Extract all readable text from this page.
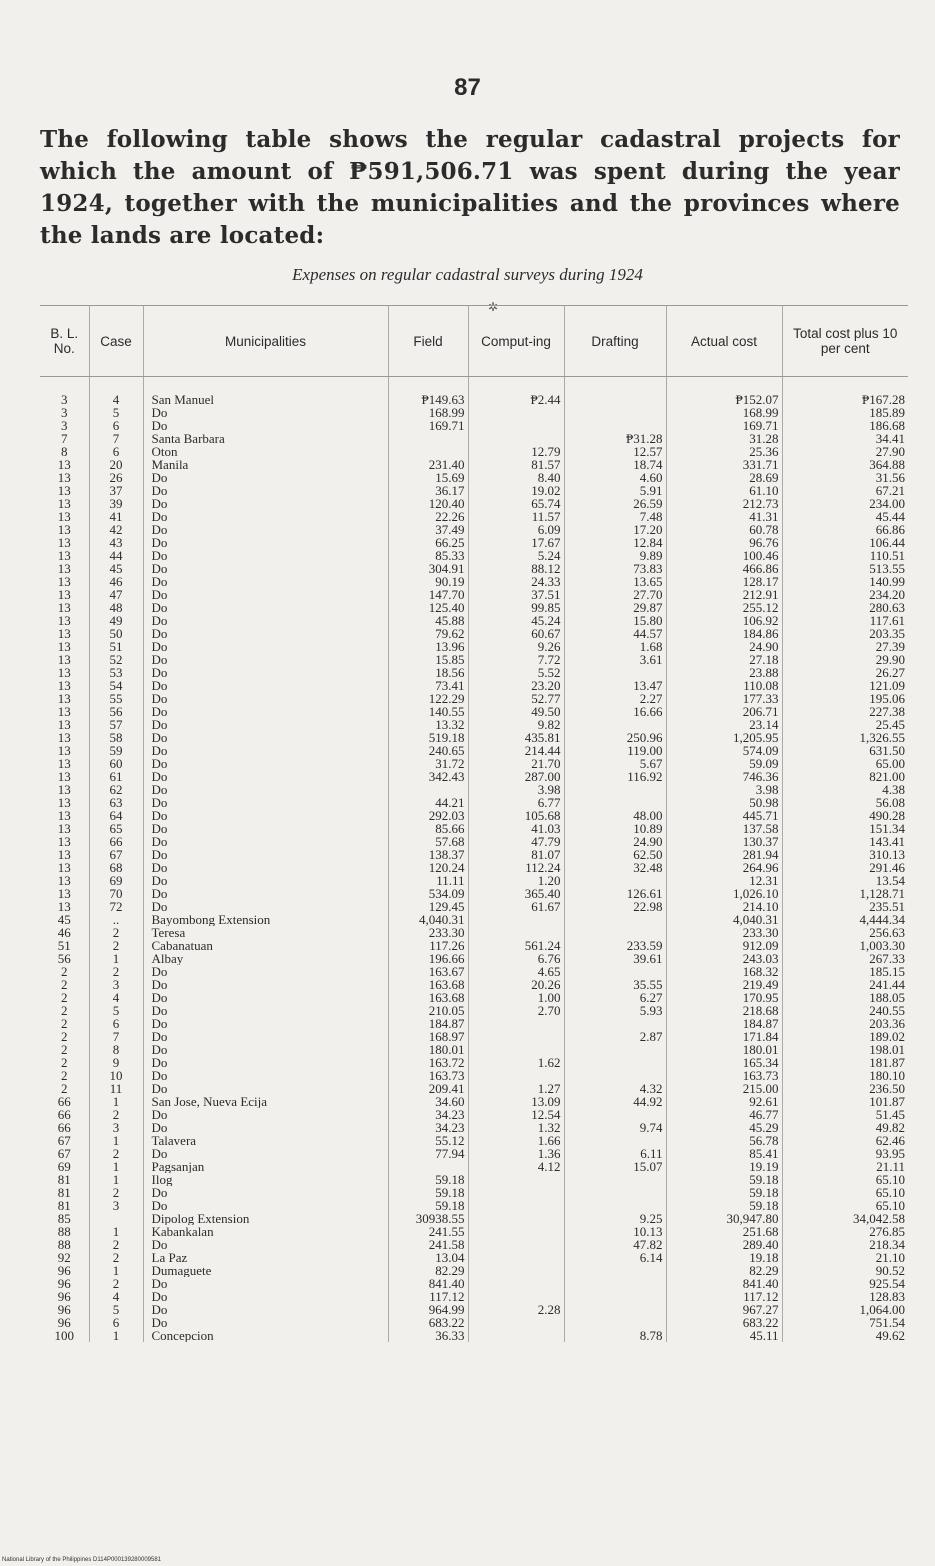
87
The following table shows the regular cadastral projects for which the amount of ₱591,506.71 was spent during the year 1924, together with the municipalities and the provinces where the lands are located:
Expenses on regular cadastral surveys during 1924
✲
B. L. No.	Case	Municipalities	Field	Comput-ing	Drafting	Actual cost	Total cost plus 10 per cent
3	4	San Manuel	₱149.63	₱2.44		₱152.07	₱167.28
3	5	Do	168.99			168.99	185.89
3	6	Do	169.71			169.71	186.68
7	7	Santa Barbara			₱31.28	31.28	34.41
8	6	Oton		12.79	12.57	25.36	27.90
13	20	Manila	231.40	81.57	18.74	331.71	364.88
13	26	Do	15.69	8.40	4.60	28.69	31.56
13	37	Do	36.17	19.02	5.91	61.10	67.21
13	39	Do	120.40	65.74	26.59	212.73	234.00
13	41	Do	22.26	11.57	7.48	41.31	45.44
13	42	Do	37.49	6.09	17.20	60.78	66.86
13	43	Do	66.25	17.67	12.84	96.76	106.44
13	44	Do	85.33	5.24	9.89	100.46	110.51
13	45	Do	304.91	88.12	73.83	466.86	513.55
13	46	Do	90.19	24.33	13.65	128.17	140.99
13	47	Do	147.70	37.51	27.70	212.91	234.20
13	48	Do	125.40	99.85	29.87	255.12	280.63
13	49	Do	45.88	45.24	15.80	106.92	117.61
13	50	Do	79.62	60.67	44.57	184.86	203.35
13	51	Do	13.96	9.26	1.68	24.90	27.39
13	52	Do	15.85	7.72	3.61	27.18	29.90
13	53	Do	18.56	5.52		23.88	26.27
13	54	Do	73.41	23.20	13.47	110.08	121.09
13	55	Do	122.29	52.77	2.27	177.33	195.06
13	56	Do	140.55	49.50	16.66	206.71	227.38
13	57	Do	13.32	9.82		23.14	25.45
13	58	Do	519.18	435.81	250.96	1,205.95	1,326.55
13	59	Do	240.65	214.44	119.00	574.09	631.50
13	60	Do	31.72	21.70	5.67	59.09	65.00
13	61	Do	342.43	287.00	116.92	746.36	821.00
13	62	Do		3.98		3.98	4.38
13	63	Do	44.21	6.77		50.98	56.08
13	64	Do	292.03	105.68	48.00	445.71	490.28
13	65	Do	85.66	41.03	10.89	137.58	151.34
13	66	Do	57.68	47.79	24.90	130.37	143.41
13	67	Do	138.37	81.07	62.50	281.94	310.13
13	68	Do	120.24	112.24	32.48	264.96	291.46
13	69	Do	11.11	1.20		12.31	13.54
13	70	Do	534.09	365.40	126.61	1,026.10	1,128.71
13	72	Do	129.45	61.67	22.98	214.10	235.51
45	..	Bayombong Extension	4,040.31			4,040.31	4,444.34
46	2	Teresa	233.30			233.30	256.63
51	2	Cabanatuan	117.26	561.24	233.59	912.09	1,003.30
56	1	Albay	196.66	6.76	39.61	243.03	267.33
2	2	Do	163.67	4.65		168.32	185.15
2	3	Do	163.68	20.26	35.55	219.49	241.44
2	4	Do	163.68	1.00	6.27	170.95	188.05
2	5	Do	210.05	2.70	5.93	218.68	240.55
2	6	Do	184.87			184.87	203.36
2	7	Do	168.97		2.87	171.84	189.02
2	8	Do	180.01			180.01	198.01
2	9	Do	163.72	1.62		165.34	181.87
2	10	Do	163.73			163.73	180.10
2	11	Do	209.41	1.27	4.32	215.00	236.50
66	1	San Jose, Nueva Ecija	34.60	13.09	44.92	92.61	101.87
66	2	Do	34.23	12.54		46.77	51.45
66	3	Do	34.23	1.32	9.74	45.29	49.82
67	1	Talavera	55.12	1.66		56.78	62.46
67	2	Do	77.94	1.36	6.11	85.41	93.95
69	1	Pagsanjan		4.12	15.07	19.19	21.11
81	1	Ilog	59.18			59.18	65.10
81	2	Do	59.18			59.18	65.10
81	3	Do	59.18			59.18	65.10
85		Dipolog Extension	30938.55		9.25	30,947.80	34,042.58
88	1	Kabankalan	241.55		10.13	251.68	276.85
88	2	Do	241.58		47.82	289.40	218.34
92	2	La Paz	13.04		6.14	19.18	21.10
96	1	Dumaguete	82.29			82.29	90.52
96	2	Do	841.40			841.40	925.54
96	4	Do	117.12			117.12	128.83
96	5	Do	964.99	2.28		967.27	1,064.00
96	6	Do	683.22			683.22	751.54
100	1	Concepcion	36.33		8.78	45.11	49.62
National Library of the Philippines D114P000139280009581
